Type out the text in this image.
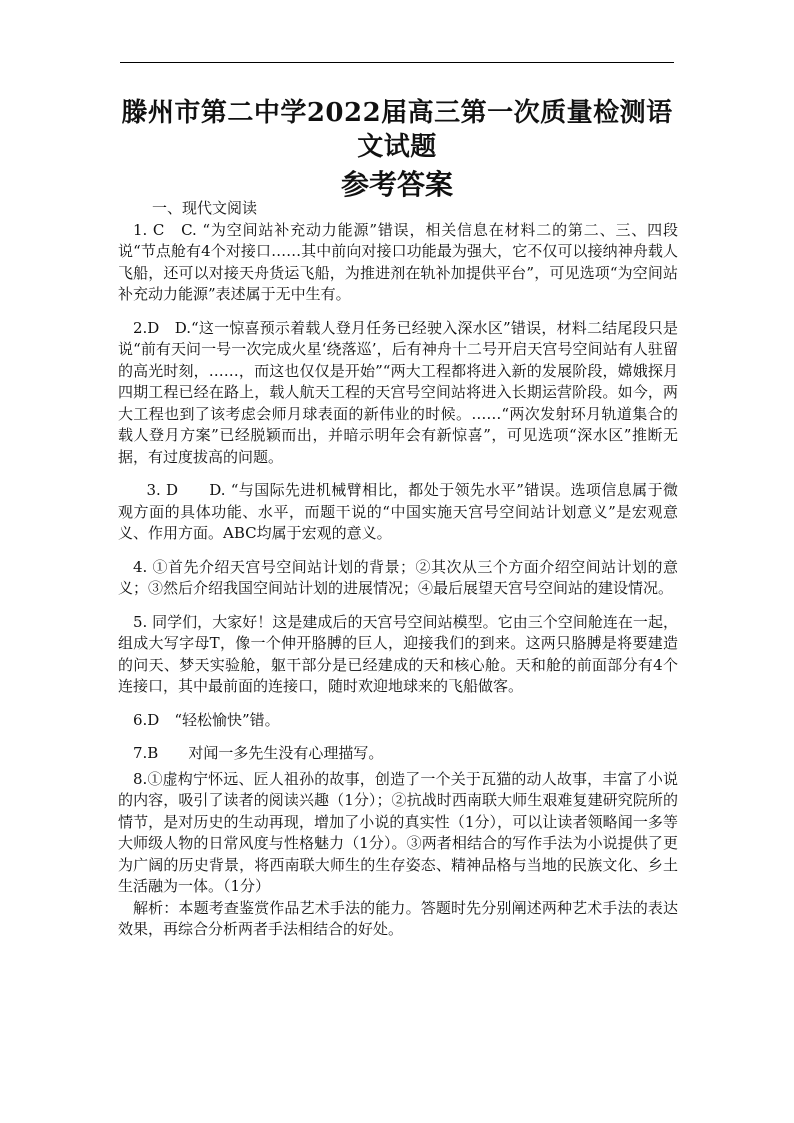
滕州市第二中学2022届高三第一次质量检测语
文试题
参考答案
一、现代文阅读

1. C　C. “为空间站补充动力能源”错误，相关信息在材料二的第二、三、四段说“节点舱有4个对接口……其中前向对接口功能最为强大，它不仅可以接纳神舟载人飞船，还可以对接天舟货运飞船，为推进剂在轨补加提供平台”，可见选项“为空间站补充动力能源”表述属于无中生有。

2.D　D.“这一惊喜预示着载人登月任务已经驶入深水区”错误，材料二结尾段只是说“前有天问一号一次完成火星‘绕落巡’，后有神舟十二号开启天宫号空间站有人驻留的高光时刻，……，而这也仅仅是开始”“两大工程都将进入新的发展阶段，嫦娥探月四期工程已经在路上，载人航天工程的天宫号空间站将进入长期运营阶段。如今，两大工程也到了该考虑会师月球表面的新伟业的时候。……“两次发射环月轨道集合的载人登月方案”已经脱颖而出，并暗示明年会有新惊喜”，可见选项“深水区”推断无据，有过度拔高的问题。

3. D　　D. “与国际先进机械臂相比，都处于领先水平”错误。选项信息属于微观方面的具体功能、水平，而题干说的“中国实施天宫号空间站计划意义”是宏观意义、作用方面。ABC均属于宏观的意义。

4. ①首先介绍天宫号空间站计划的背景；②其次从三个方面介绍空间站计划的意义；③然后介绍我国空间站计划的进展情况；④最后展望天宫号空间站的建设情况。

5. 同学们，大家好！这是建成后的天宫号空间站模型。它由三个空间舱连在一起，组成大写字母T，像一个伸开胳膊的巨人，迎接我们的到来。这两只胳膊是将要建造的问天、梦天实验舱，躯干部分是已经建成的天和核心舱。天和舱的前面部分有4个连接口，其中最前面的连接口，随时欢迎地球来的飞船做客。

6.D　“轻松愉快”错。

7.B　　对闻一多先生没有心理描写。

8.①虚构宁怀远、匠人祖孙的故事，创造了一个关于瓦猫的动人故事，丰富了小说的内容，吸引了读者的阅读兴趣（1分）；②抗战时西南联大师生艰难复建研究院所的情节，是对历史的生动再现，增加了小说的真实性（1分），可以让读者领略闻一多等大师级人物的日常风度与性格魅力（1分）。③两者相结合的写作手法为小说提供了更为广阔的历史背景，将西南联大师生的生存姿态、精神品格与当地的民族文化、乡土生活融为一体。（1分）

解析：本题考查鉴赏作品艺术手法的能力。答题时先分别阐述两种艺术手法的表达效果，再综合分析两者手法相结合的好处。
